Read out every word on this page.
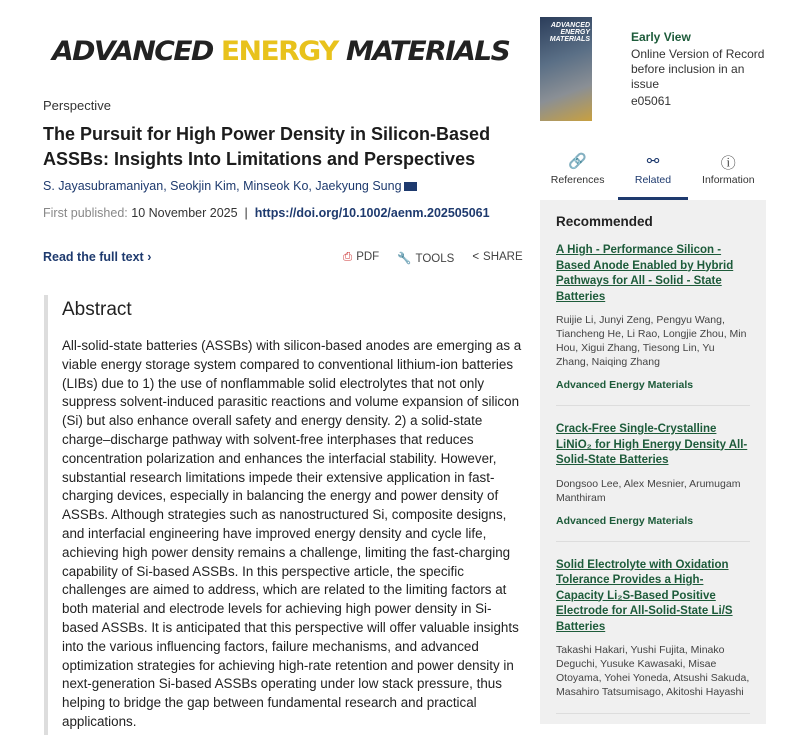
ADVANCED ENERGY MATERIALS
Perspective
The Pursuit for High Power Density in Silicon-Based ASSBs: Insights Into Limitations and Perspectives
S. Jayasubramaniyan, Seokjin Kim, Minseok Ko, Jaekyung Sung
First published: 10 November 2025 | https://doi.org/10.1002/aenm.202505061
Read the full text ›	⎙ PDF 🔧 TOOLS < SHARE
Abstract

All-solid-state batteries (ASSBs) with silicon-based anodes are emerging as a viable energy storage system compared to conventional lithium-ion batteries (LIBs) due to 1) the use of nonflammable solid electrolytes that not only suppress solvent-induced parasitic reactions and volume expansion of silicon (Si) but also enhance overall safety and energy density. 2) a solid-state charge–discharge pathway with solvent-free interphases that reduces concentration polarization and enhances the interfacial stability. However, substantial research limitations impede their extensive application in fast-charging devices, especially in balancing the energy and power density of ASSBs. Although strategies such as nanostructured Si, composite designs, and interfacial engineering have improved energy density and cycle life, achieving high power density remains a challenge, limiting the fast-charging capability of Si-based ASSBs. In this perspective article, the specific challenges are aimed to address, which are related to the limiting factors at both material and electrode levels for achieving high power density in Si-based ASSBs. It is anticipated that this perspective will offer valuable insights into the various influencing factors, failure mechanisms, and advanced optimization strategies for achieving high-rate retention and power density in next-generation Si-based ASSBs operating under low stack pressure, thus helping to bridge the gap between fundamental research and practical applications.

ADVANCED ENERGY MATERIALS	Early View
Online Version of Record before inclusion in an issue
e05061
🔗
References
⚯
Related
ⓘ
Information
Recommended
A High - Performance Silicon - Based Anode Enabled by Hybrid Pathways for All - Solid - State Batteries
Ruijie Li, Junyi Zeng, Pengyu Wang, Tiancheng He, Li Rao, Longjie Zhou, Min Hou, Xigui Zhang, Tiesong Lin, Yu Zhang, Naiqing Zhang
Advanced Energy Materials
Crack-Free Single-Crystalline LiNiO₂ for High Energy Density All-Solid-State Batteries
Dongsoo Lee, Alex Mesnier, Arumugam Manthiram
Advanced Energy Materials
Solid Electrolyte with Oxidation Tolerance Provides a High-Capacity Li₂S-Based Positive Electrode for All-Solid-State Li/S Batteries
Takashi Hakari, Yushi Fujita, Minako Deguchi, Yusuke Kawasaki, Misae Otoyama, Yohei Yoneda, Atsushi Sakuda, Masahiro Tatsumisago, Akitoshi Hayashi
